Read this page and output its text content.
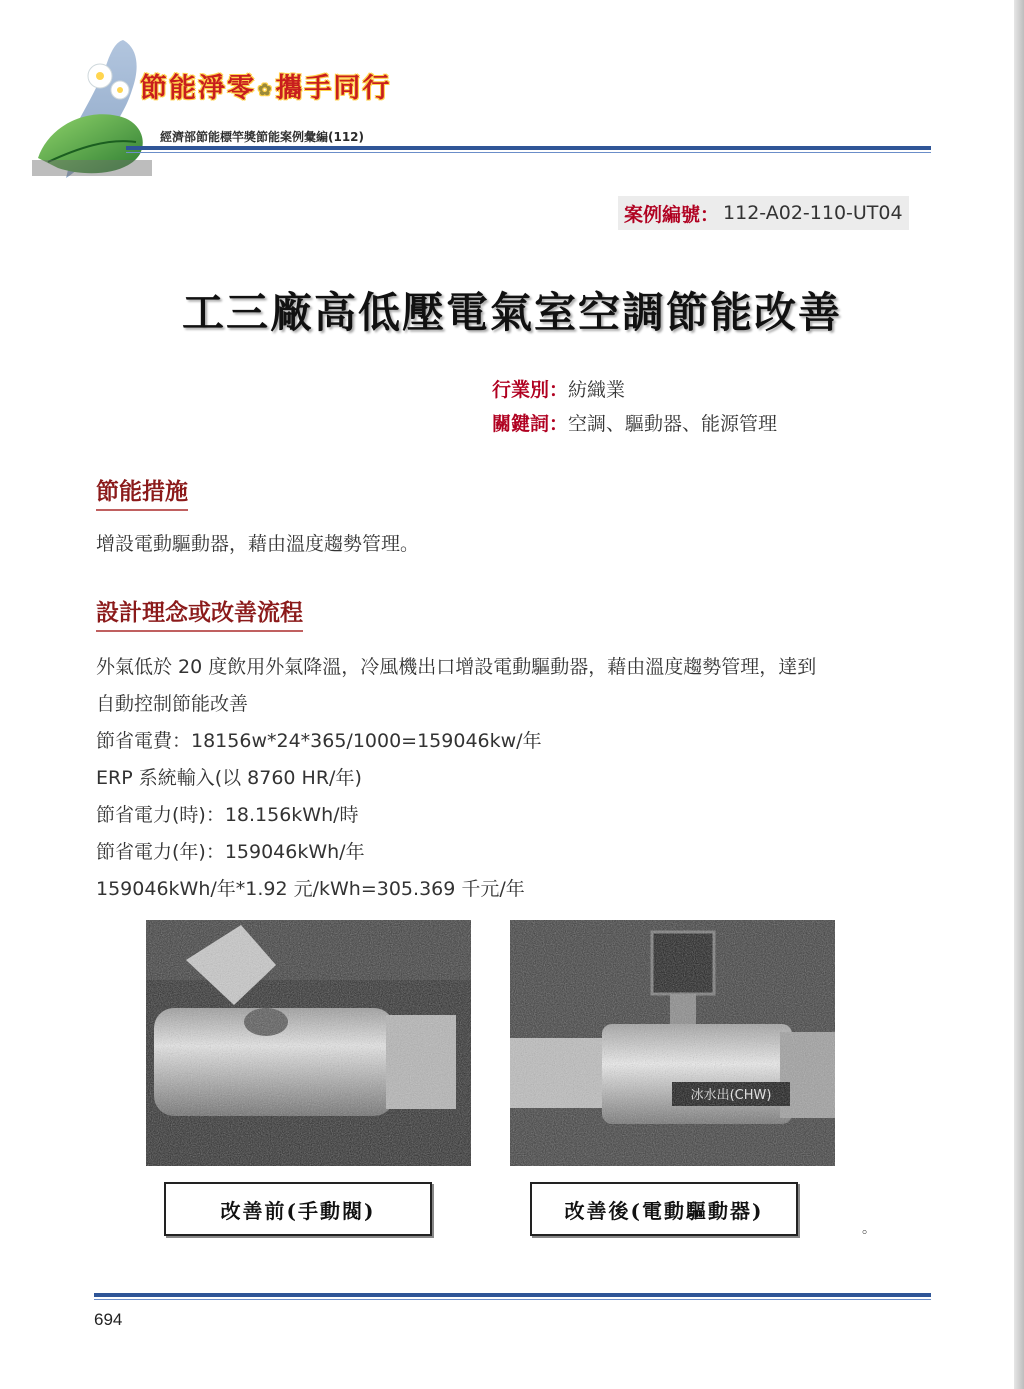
節能淨零 ✿攜手同行
經濟部節能標竿獎節能案例彙編(112)
案例編號 ： 112-A02-110-UT04
工三廠高低壓電氣室空調節能改善
行業別：紡織業
關鍵詞：空調、驅動器、能源管理
節能措施
增設電動驅動器，藉由溫度趨勢管理。
設計理念或改善流程
外氣低於 20 度飲用外氣降溫，冷風機出口增設電動驅動器，藉由溫度趨勢管理，達到
自動控制節能改善
節省電費：18156w*24*365/1000=159046kw/年
ERP 系統輸入(以 8760 HR/年)
節省電力(時)：18.156kWh/時
節省電力(年)：159046kWh/年
159046kWh/年*1.92 元/kWh=305.369 千元/年
改善前(手動閥)	改善後(電動驅動器)
。
694
